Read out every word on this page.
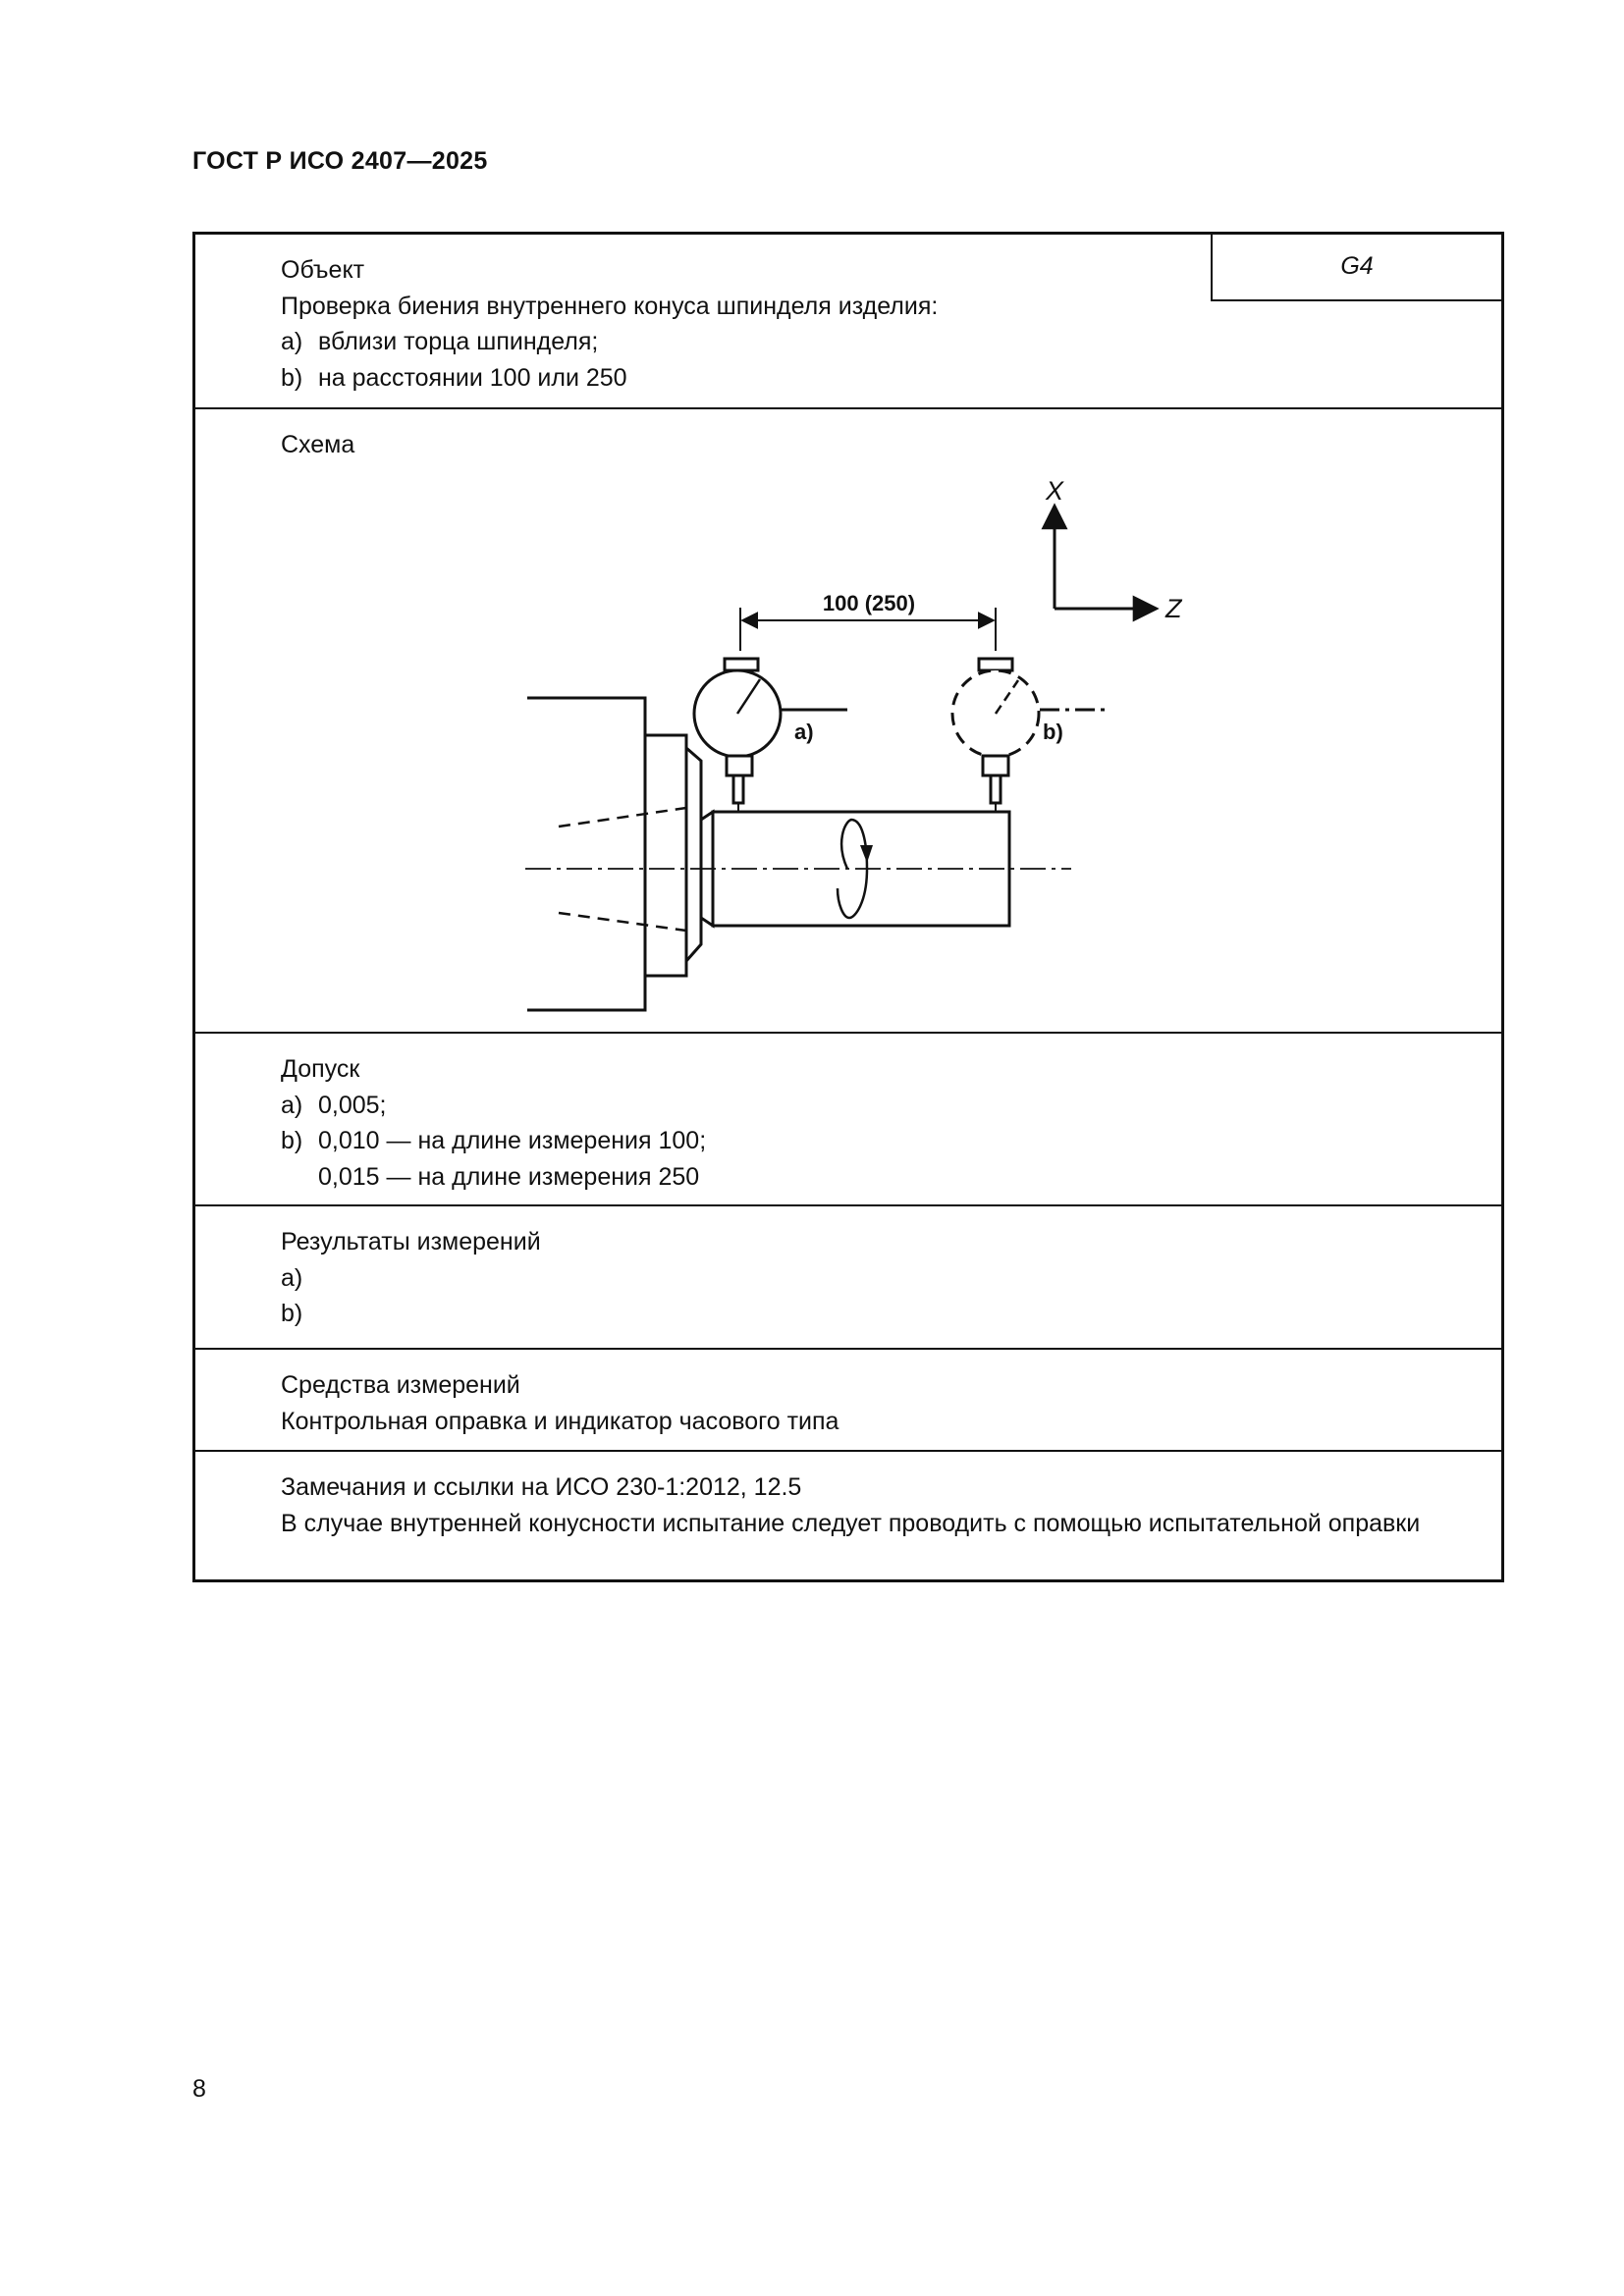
ГОСТ Р ИСО 2407—2025
Объект
Проверка биения внутреннего конуса шпинделя изделия:
a) вблизи торца шпинделя;
b) на расстоянии 100 или 250
G4
Схема
100 (250)
a)	b)
X
Z
Допуск
a) 0,005;
b) 0,010 — на длине измерения 100;
0,015 — на длине измерения 250
Результаты измерений
a)
b)
Средства измерений
Контрольная оправка и индикатор часового типа
Замечания и ссылки на ИСО 230-1:2012, 12.5
В случае внутренней конусности испытание следует проводить с помощью испытательной оправки
8
